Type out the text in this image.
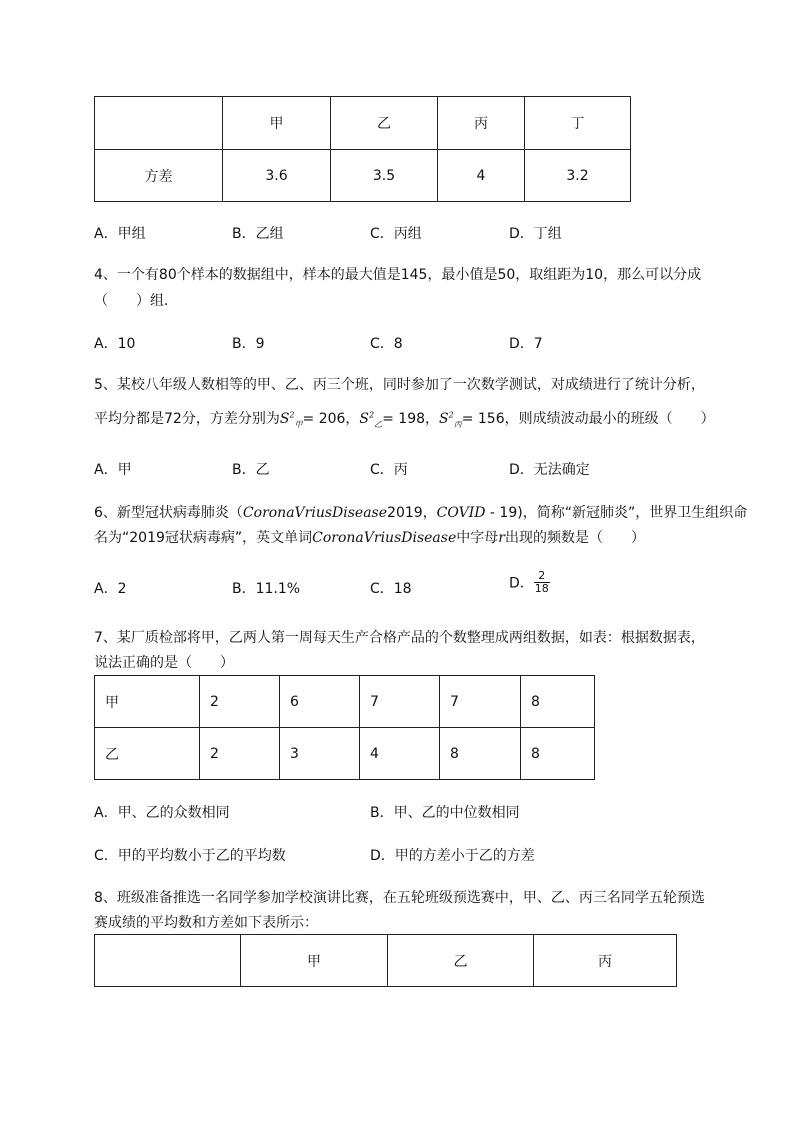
	甲	乙	丙	丁
方差	3.6	3.5	4	3.2
A．甲组	B．乙组	C．丙组	D．丁组
4、一个有80个样本的数据组中，样本的最大值是145，最小值是50，取组距为10，那么可以分成
（　　）组．
A．10	B．9	C．8	D．7
5、某校八年级人数相等的甲、乙、丙三个班，同时参加了一次数学测试，对成绩进行了统计分析，
平均分都是72分，方差分别为$S^2_甲= 206$，$S^2_乙= 198$，$S^2_丙= 156$，则成绩波动最小的班级（　　）
A．甲	B．乙	C．丙	D．无法确定
6、新型冠状病毒肺炎（CoronaVriusDisease2019，COVID - 19)，简称“新冠肺炎”，世界卫生组织命
名为“2019冠状病毒病”，英文单词CoronaVriusDisease中字母r出现的频数是（　　）
A．2	B．11.1%	C．18	D． $\frac{2}{18}$
7、某厂质检部将甲，乙两人第一周每天生产合格产品的个数整理成两组数据，如表：根据数据表，
说法正确的是（　　）
甲	2	6	7	7	8
乙	2	3	4	8	8
A．甲、乙的众数相同	B．甲、乙的中位数相同
C．甲的平均数小于乙的平均数	D．甲的方差小于乙的方差
8、班级准备推选一名同学参加学校演讲比赛，在五轮班级预选赛中，甲、乙、丙三名同学五轮预选
赛成绩的平均数和方差如下表所示：
	甲	乙	丙
